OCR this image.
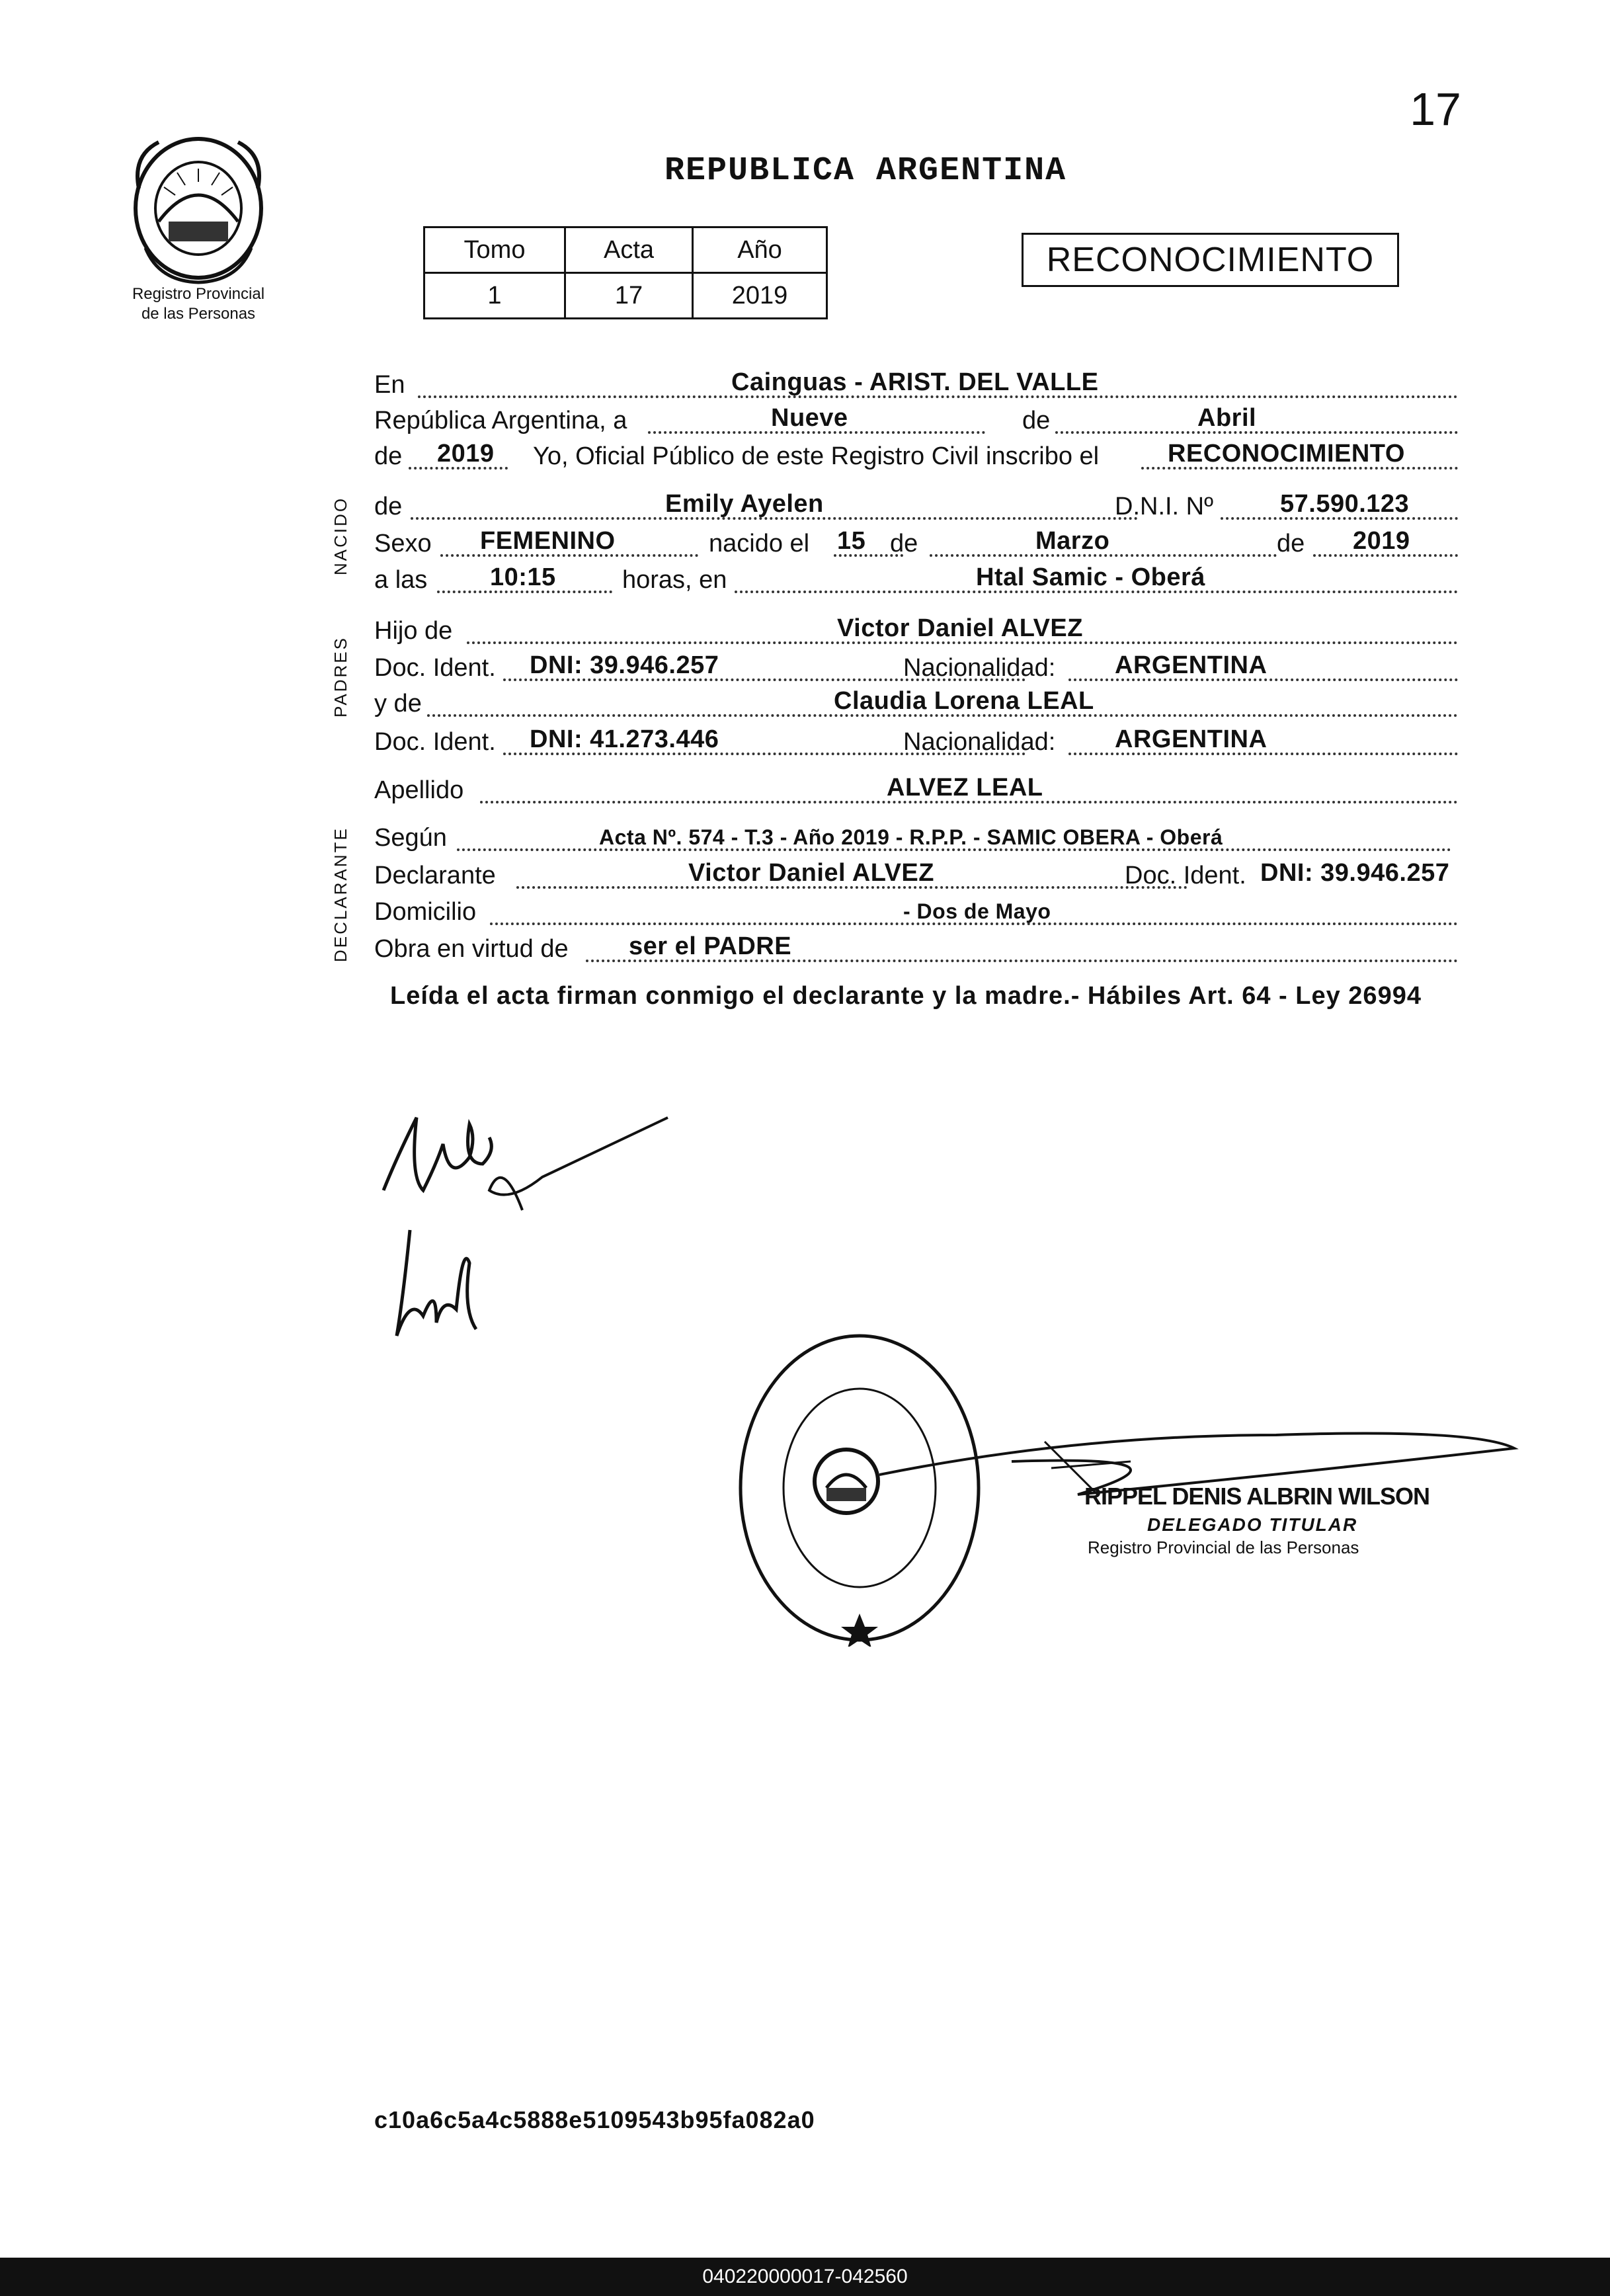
17
Registro Provincial
de las Personas
REPUBLICA ARGENTINA
Tomo	Acta	Año
1	17	2019
RECONOCIMIENTO
NACIDO
PADRES
DECLARANTE
En	Cainguas - ARIST. DEL VALLE
República Argentina, a	Nueve	de	Abril
de 2019 Yo, Oficial Público de este Registro Civil inscribo el	RECONOCIMIENTO
de	Emily Ayelen	D.N.I. Nº	57.590.123
Sexo FEMENINO	nacido el 15 de	Marzo	de 2019
a las 10:15	horas, en	Htal Samic - Oberá
Hijo de	Victor Daniel ALVEZ
Doc. Ident. DNI: 39.946.257	Nacionalidad: ARGENTINA
y de	Claudia Lorena LEAL
Doc. Ident. DNI: 41.273.446	Nacionalidad: ARGENTINA
Apellido	ALVEZ LEAL
Según	Acta Nº. 574 - T.3 - Año 2019 - R.P.P. - SAMIC OBERA - Oberá
Declarante	Victor Daniel ALVEZ	Doc. Ident. DNI: 39.946.257
Domicilio	- Dos de Mayo
Obra en virtud de ser el PADRE
Leída el acta firman conmigo el declarante y la madre.- Hábiles Art. 64 - Ley 26994
RIPPEL DENIS ALBRIN WILSON
DELEGADO TITULAR
Registro Provincial de las Personas
c10a6c5a4c5888e5109543b95fa082a0
040220000017-042560
